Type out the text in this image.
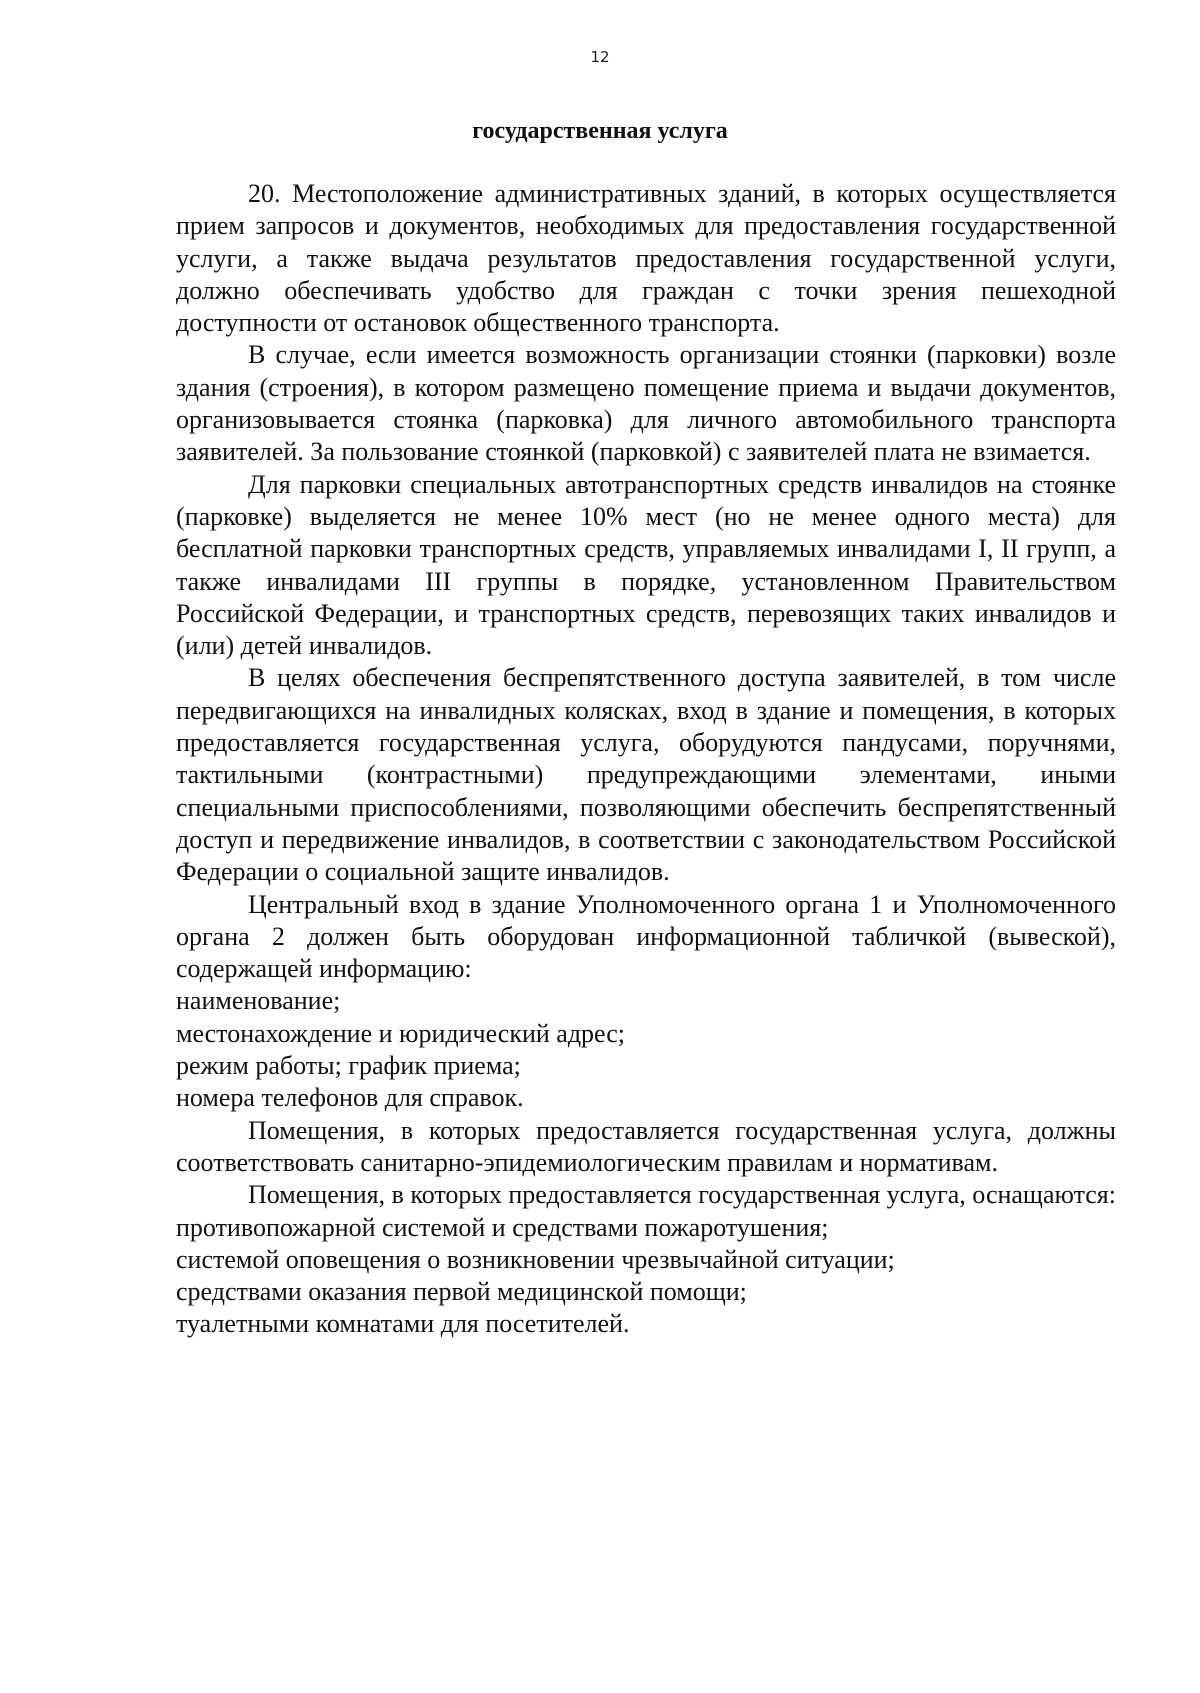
12
государственная услуга

20. Местоположение административных зданий, в которых осуществляется прием запросов и документов, необходимых для предоставления государственной услуги, а также выдача результатов предоставления государственной услуги, должно обеспечивать удобство для граждан с точки зрения пешеходной доступности от остановок общественного транспорта.

В случае, если имеется возможность организации стоянки (парковки) возле здания (строения), в котором размещено помещение приема и выдачи документов, организовывается стоянка (парковка) для личного автомобильного транспорта заявителей. За пользование стоянкой (парковкой) с заявителей плата не взимается.

Для парковки специальных автотранспортных средств инвалидов на стоянке (парковке) выделяется не менее 10% мест (но не менее одного места) для бесплатной парковки транспортных средств, управляемых инвалидами I, II групп, а также инвалидами III группы в порядке, установленном Правительством Российской Федерации, и транспортных средств, перевозящих таких инвалидов и (или) детей инвалидов.

В целях обеспечения беспрепятственного доступа заявителей, в том числе передвигающихся на инвалидных колясках, вход в здание и помещения, в которых предоставляется государственная услуга, оборудуются пандусами, поручнями, тактильными (контрастными) предупреждающими элементами, иными специальными приспособлениями, позволяющими обеспечить беспрепятственный доступ и передвижение инвалидов, в соответствии с законодательством Российской Федерации о социальной защите инвалидов.

Центральный вход в здание Уполномоченного органа 1 и Уполномоченного органа 2 должен быть оборудован информационной табличкой (вывеской), содержащей информацию:

наименование;

местонахождение и юридический адрес;

режим работы; график приема;

номера телефонов для справок.

Помещения, в которых предоставляется государственная услуга, должны соответствовать санитарно-эпидемиологическим правилам и нормативам.

Помещения, в которых предоставляется государственная услуга, оснащаются:

противопожарной системой и средствами пожаротушения;

системой оповещения о возникновении чрезвычайной ситуации;

средствами оказания первой медицинской помощи;

туалетными комнатами для посетителей.
